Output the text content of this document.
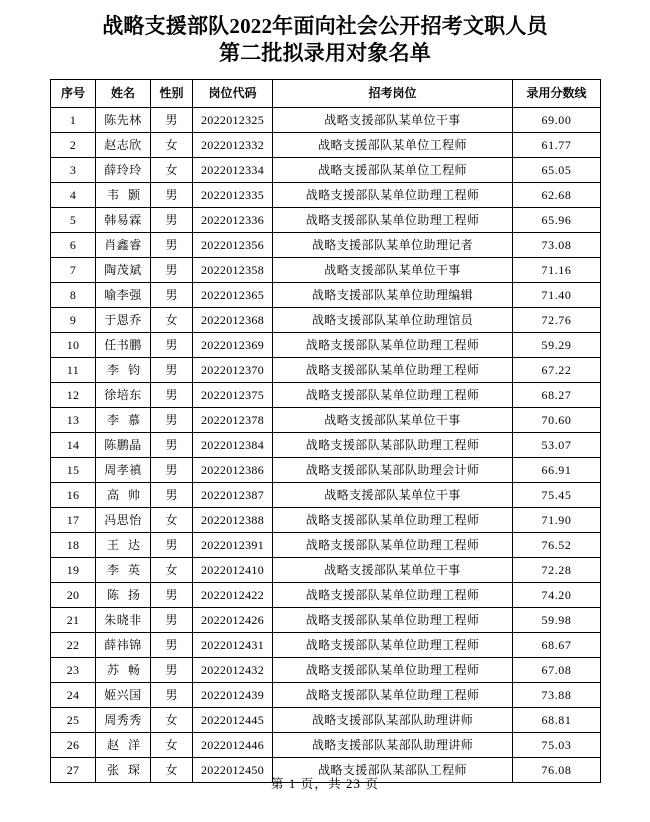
战略支援部队2022年面向社会公开招考文职人员
第二批拟录用对象名单
序号	姓名	性别	岗位代码	招考岗位	录用分数线
1	陈先林	男	2022012325	战略支援部队某单位干事	69.00
2	赵志欣	女	2022012332	战略支援部队某单位工程师	61.77
3	薛玲玲	女	2022012334	战略支援部队某单位工程师	65.05
4	韦颢	男	2022012335	战略支援部队某单位助理工程师	62.68
5	韩易霖	男	2022012336	战略支援部队某单位助理工程师	65.96
6	肖鑫睿	男	2022012356	战略支援部队某单位助理记者	73.08
7	陶茂斌	男	2022012358	战略支援部队某单位干事	71.16
8	喻李强	男	2022012365	战略支援部队某单位助理编辑	71.40
9	于恩乔	女	2022012368	战略支援部队某单位助理馆员	72.76
10	任书鹏	男	2022012369	战略支援部队某单位助理工程师	59.29
11	李钧	男	2022012370	战略支援部队某单位助理工程师	67.22
12	徐培东	男	2022012375	战略支援部队某单位助理工程师	68.27
13	李慕	男	2022012378	战略支援部队某单位干事	70.60
14	陈鹏晶	男	2022012384	战略支援部队某部队助理工程师	53.07
15	周孝禛	男	2022012386	战略支援部队某部队助理会计师	66.91
16	高帅	男	2022012387	战略支援部队某单位干事	75.45
17	冯思怡	女	2022012388	战略支援部队某单位助理工程师	71.90
18	王达	男	2022012391	战略支援部队某单位助理工程师	76.52
19	李英	女	2022012410	战略支援部队某单位干事	72.28
20	陈扬	男	2022012422	战略支援部队某单位助理工程师	74.20
21	朱晓非	男	2022012426	战略支援部队某单位助理工程师	59.98
22	薛祎锦	男	2022012431	战略支援部队某单位助理工程师	68.67
23	苏畅	男	2022012432	战略支援部队某单位助理工程师	67.08
24	姬兴国	男	2022012439	战略支援部队某单位助理工程师	73.88
25	周秀秀	女	2022012445	战略支援部队某部队助理讲师	68.81
26	赵洋	女	2022012446	战略支援部队某部队助理讲师	75.03
27	张琛	女	2022012450	战略支援部队某部队工程师	76.08
第 1 页，共 23 页
